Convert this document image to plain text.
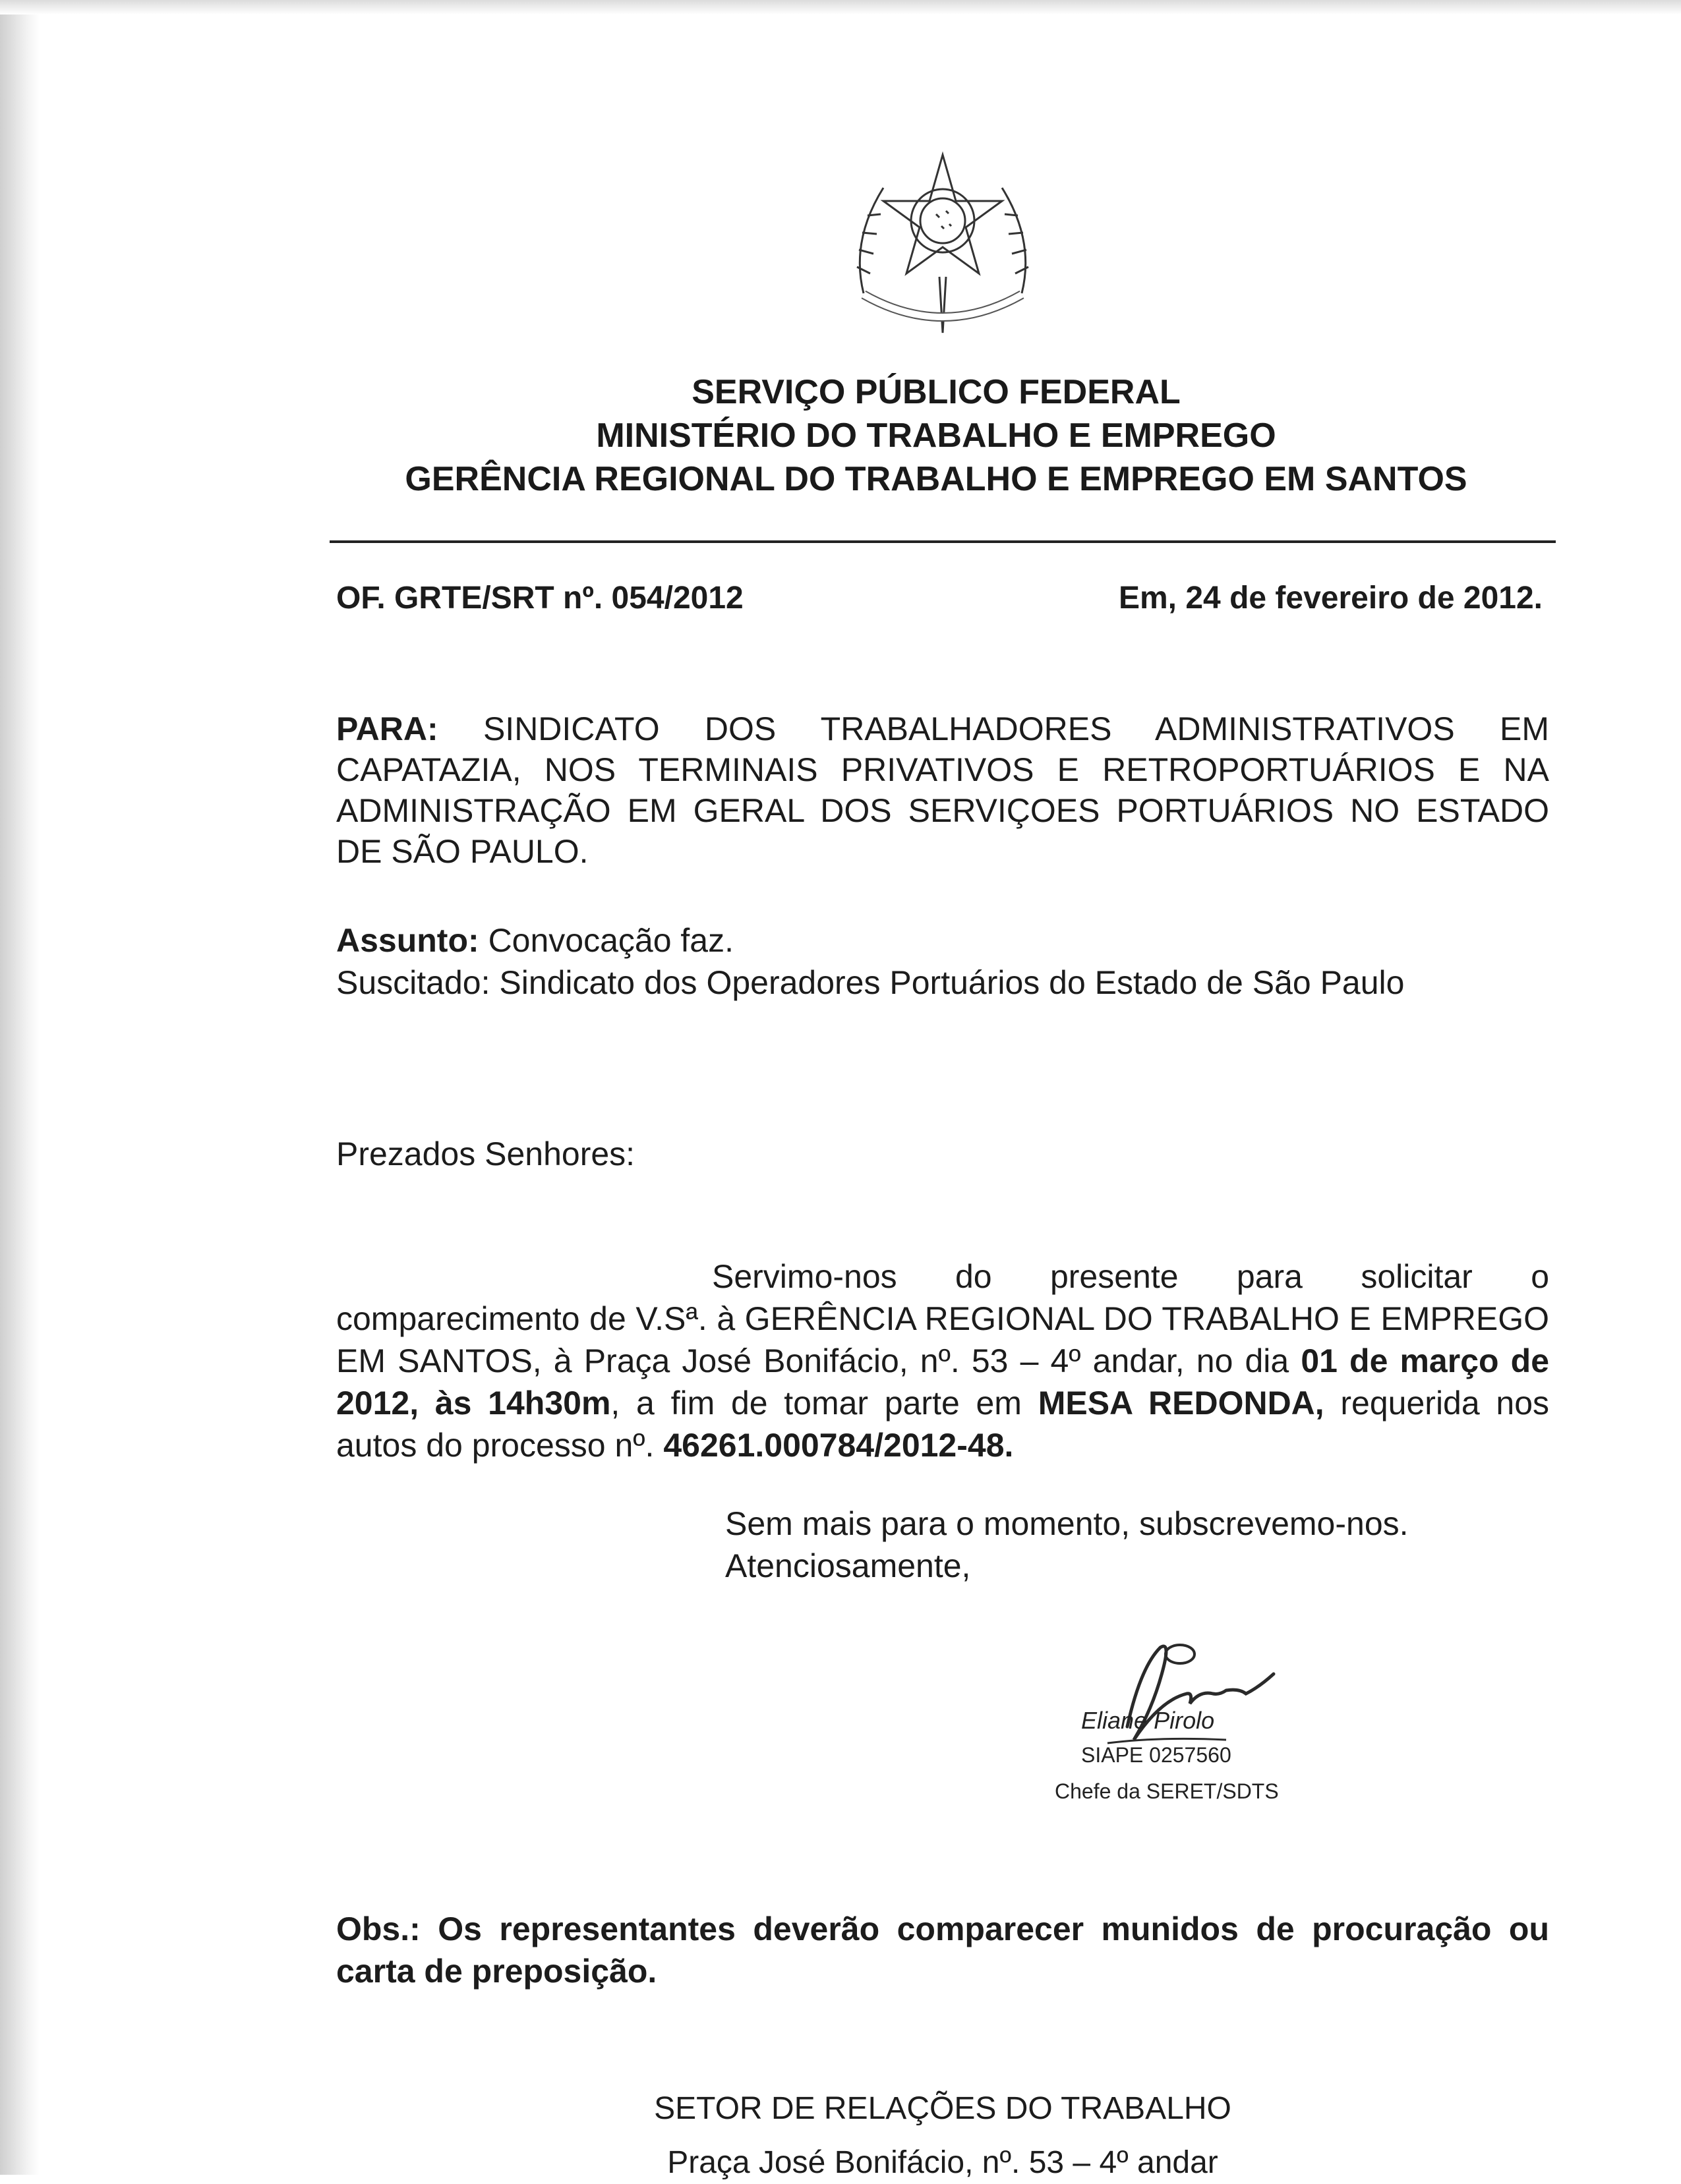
SERVIÇO PÚBLICO FEDERAL
MINISTÉRIO DO TRABALHO E EMPREGO
GERÊNCIA REGIONAL DO TRABALHO E EMPREGO EM SANTOS
OF. GRTE/SRT nº. 054/2012	Em, 24 de fevereiro de 2012.
PARA: SINDICATO DOS TRABALHADORES ADMINISTRATIVOS EM CAPATAZIA, NOS TERMINAIS PRIVATIVOS E RETROPORTUÁRIOS E NA ADMINISTRAÇÃO EM GERAL DOS SERVIÇOES PORTUÁRIOS NO ESTADO DE SÃO PAULO.
Assunto: Convocação faz.
Suscitado: Sindicato dos Operadores Portuários do Estado de São Paulo
Prezados Senhores:
Servimo-nos do presente para solicitar o comparecimento de V.Sª. à GERÊNCIA REGIONAL DO TRABALHO E EMPREGO EM SANTOS, à Praça José Bonifácio, nº. 53 – 4º andar, no dia 01 de março de 2012, às 14h30m, a fim de tomar parte em MESA REDONDA, requerida nos autos do processo nº. 46261.000784/2012-48.
Sem mais para o momento, subscrevemo-nos.
Atenciosamente,
Eliane Pirolo
SIAPE 0257560
Chefe da SERET/SDTS
Obs.: Os representantes deverão comparecer munidos de procuração ou carta de preposição.
SETOR DE RELAÇÕES DO TRABALHO
Praça José Bonifácio, nº. 53 – 4º andar
